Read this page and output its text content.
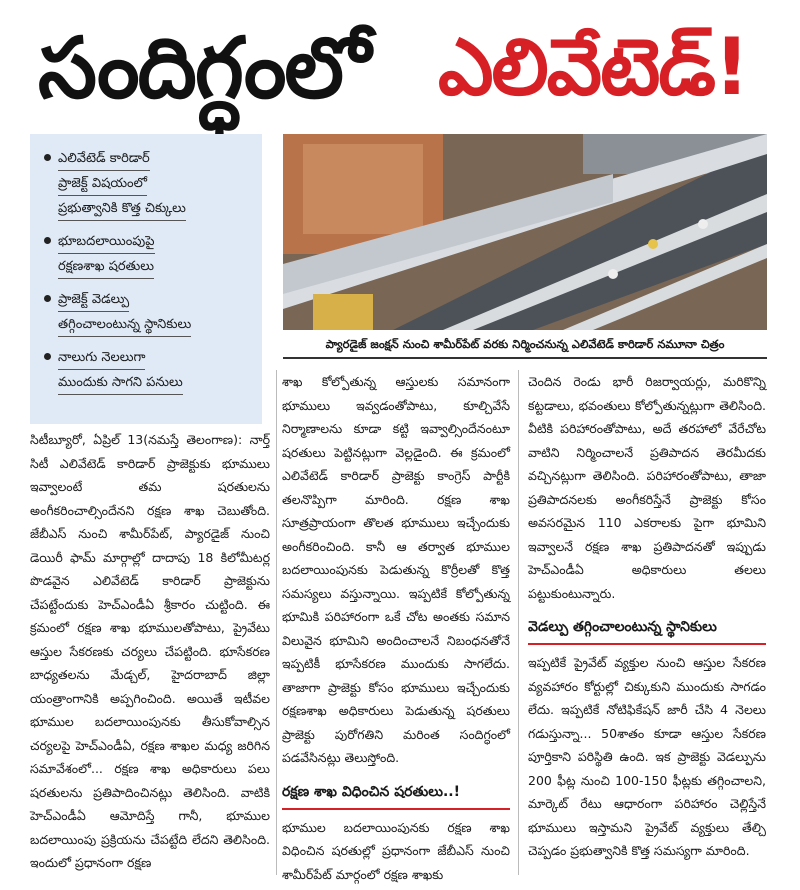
సందిగ్ధంలో ఎలివేటెడ్!
ఎలివేటెడ్ కారిడార్
ప్రాజెక్ట్ విషయంలో
ప్రభుత్వానికి కొత్త చిక్కులు
భూబదలాయింపుపై
రక్షణశాఖ షరతులు
ప్రాజెక్ట్ వెడల్పు
తగ్గించాలంటున్న స్థానికులు
నాలుగు నెలలుగా
ముందుకు సాగని పనులు
ప్యారడైజ్ జంక్షన్ నుంచి శామీర్‌పేట్ వరకు నిర్మించనున్న ఎలివేటెడ్ కారిడార్ నమూనా చిత్రం

సిటీబ్యూరో, ఏప్రిల్ 13(నమస్తే తెలంగాణ): నార్త్ సిటీ ఎలివేటెడ్ కారిడార్ ప్రాజెక్టుకు భూములు ఇవ్వాలంటే తమ షరతులను అంగీకరించాల్సిందేనని రక్షణ శాఖ చెబుతోంది. జేబీఎస్ నుంచి శామీర్‌పేట్, ప్యారడైజ్ నుంచి డెయిరీ ఫామ్ మార్గాల్లో దాదాపు 18 కిలోమీటర్ల పొడవైన ఎలివేటెడ్ కారిడార్ ప్రాజెక్టును చేపట్టేందుకు హెచ్‌ఎండీఏ శ్రీకారం చుట్టింది. ఈ క్రమంలో రక్షణ శాఖ భూములతోపాటు, ప్రైవేటు ఆస్తుల సేకరణకు చర్యలు చేపట్టింది. భూసేకరణ బాధ్యతలను మేడ్చల్, హైదరాబాద్ జిల్లా యంత్రాంగానికి అప్పగించింది. అయితే ఇటీవల భూముల బదలాయింపునకు తీసుకోవాల్సిన చర్యలపై హెచ్‌ఎండీఏ, రక్షణ శాఖల మధ్య జరిగిన సమావేశంలో... రక్షణ శాఖ అధికారులు పలు షరతులను ప్రతిపాదించినట్లు తెలిసింది. వాటికి హెచ్‌ఎండీఏ ఆమోదిస్తే గానీ, భూముల బదలాయింపు ప్రక్రియను చేపట్టేది లేదని తెలిసింది. ఇందులో ప్రధానంగా రక్షణ

శాఖ కోల్పోతున్న ఆస్తులకు సమానంగా భూములు ఇవ్వడంతోపాటు, కూల్చివేసే నిర్మాణాలను కూడా కట్టి ఇవ్వాల్సిందేనంటూ షరతులు పెట్టినట్లుగా వెల్లడైంది. ఈ క్రమంలో ఎలివేటెడ్ కారిడార్ ప్రాజెక్టు కాంగ్రెస్ పార్టీకి తలనొప్పిగా మారింది. రక్షణ శాఖ సూత్రప్రాయంగా తొలత భూములు ఇచ్చేందుకు అంగీకరించింది. కానీ ఆ తర్వాత భూముల బదలాయింపునకు పెడుతున్న కొర్రీలతో కొత్త సమస్యలు వస్తున్నాయి. ఇప్పటికే కోల్పోతున్న భూమికి పరిహారంగా ఒకే చోట అంతకు సమాన విలువైన భూమిని అందించాలనే నిబంధనతోనే ఇప్పటికీ భూసేకరణ ముందుకు సాగలేదు. తాజాగా ప్రాజెక్టు కోసం భూములు ఇచ్చేందుకు రక్షణశాఖ అధికారులు పెడుతున్న షరతులు ప్రాజెక్టు పురోగతిని మరింత సందిగ్ధంలో పడవేసినట్లు తెలుస్తోంది.

రక్షణ శాఖ విధించిన షరతులు..!

భూముల బదలాయింపునకు రక్షణ శాఖ విధించిన షరతుల్లో ప్రధానంగా జేబీఎస్ నుంచి శామీర్‌పేట్ మార్గంలో రక్షణ శాఖకు

చెందిన రెండు భారీ రిజర్వాయర్లు, మరికొన్ని కట్టడాలు, భవంతులు కోల్పోతున్నట్లుగా తెలిసింది. వీటికి పరిహారంతోపాటు, అదే తరహాలో వేరేచోట వాటిని నిర్మించాలనే ప్రతిపాదన తెరమీదకు వచ్చినట్లుగా తెలిసింది. పరిహారంతోపాటు, తాజా ప్రతిపాదనలకు అంగీకరిస్తేనే ప్రాజెక్టు కోసం అవసరమైన 110 ఎకరాలకు పైగా భూమిని ఇవ్వాలనే రక్షణ శాఖ ప్రతిపాదనతో ఇప్పుడు హెచ్‌ఎండీఏ అధికారులు తలలు పట్టుకుంటున్నారు.

వెడల్పు తగ్గించాలంటున్న స్థానికులు

ఇప్పటికే ప్రైవేట్ వ్యక్తుల నుంచి ఆస్తుల సేకరణ వ్యవహారం కోర్టుల్లో చిక్కుకుని ముందుకు సాగడం లేదు. ఇప్పటికే నోటిఫికేషన్ జారీ చేసి 4 నెలలు గడుస్తున్నా... 50శాతం కూడా ఆస్తుల సేకరణ పూర్తికాని పరిస్థితి ఉంది. ఇక ప్రాజెక్టు వెడల్పును 200 ఫీట్ల నుంచి 100-150 ఫీట్లకు తగ్గించాలని, మార్కెట్ రేటు ఆధారంగా పరిహారం చెల్లిస్తేనే భూములు ఇస్తామని ప్రైవేట్ వ్యక్తులు తేల్చి చెప్పడం ప్రభుత్వానికి కొత్త సమస్యగా మారింది.
